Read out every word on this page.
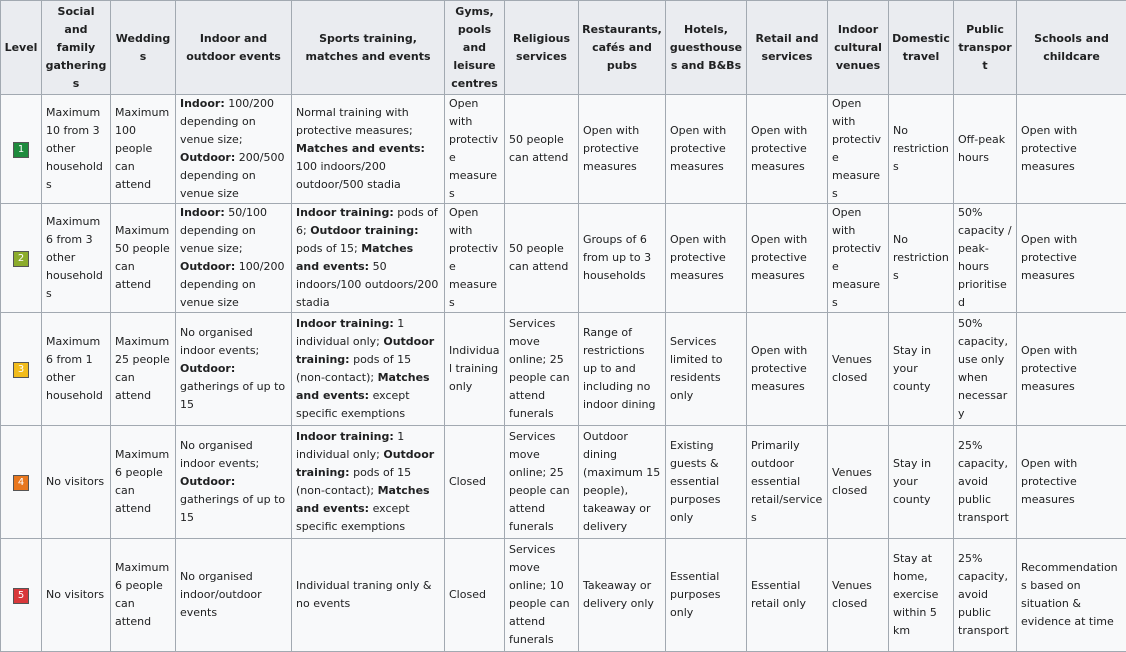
Level	Social and family gatherings	Weddings	Indoor and outdoor events	Sports training, matches and events	Gyms, pools and leisure centres	Religious services	Restaurants, cafés and pubs	Hotels, guesthouses and B&Bs	Retail and services	Indoor cultural venues	Domestic travel	Public transport	Schools and childcare
1	Maximum 10 from 3 other households	Maximum 100 people can attend	Indoor: 100/200 depending on venue size; Outdoor: 200/500 depending on venue size	Normal training with protective measures; Matches and events: 100 indoors/200 outdoor/500 stadia	Open with protective measures	50 people can attend	Open with protective measures	Open with protective measures	Open with protective measures	Open with protective measures	No restrictions	Off-peak hours	Open with protective measures
2	Maximum 6 from 3 other households	Maximum 50 people can attend	Indoor: 50/100 depending on venue size; Outdoor: 100/200 depending on venue size	Indoor training: pods of 6; Outdoor training: pods of 15; Matches and events: 50 indoors/100 outdoors/200 stadia	Open with protective measures	50 people can attend	Groups of 6 from up to 3 households	Open with protective measures	Open with protective measures	Open with protective measures	No restrictions	50% capacity / peak-hours prioritised	Open with protective measures
3	Maximum 6 from 1 other household	Maximum 25 people can attend	No organised indoor events; Outdoor: gatherings of up to 15	Indoor training: 1 individual only; Outdoor training: pods of 15 (non-contact); Matches and events: except specific exemptions	Individual training only	Services move online; 25 people can attend funerals	Range of restrictions up to and including no indoor dining	Services limited to residents only	Open with protective measures	Venues closed	Stay in your county	50% capacity, use only when necessary	Open with protective measures
4	No visitors	Maximum 6 people can attend	No organised indoor events; Outdoor: gatherings of up to 15	Indoor training: 1 individual only; Outdoor training: pods of 15 (non-contact); Matches and events: except specific exemptions	Closed	Services move online; 25 people can attend funerals	Outdoor dining (maximum 15 people), takeaway or delivery	Existing guests & essential purposes only	Primarily outdoor essential retail/services	Venues closed	Stay in your county	25% capacity, avoid public transport	Open with protective measures
5	No visitors	Maximum 6 people can attend	No organised indoor/outdoor events	Individual traning only & no events	Closed	Services move online; 10 people can attend funerals	Takeaway or delivery only	Essential purposes only	Essential retail only	Venues closed	Stay at home, exercise within 5 km	25% capacity, avoid public transport	Recommendations based on situation & evidence at time
